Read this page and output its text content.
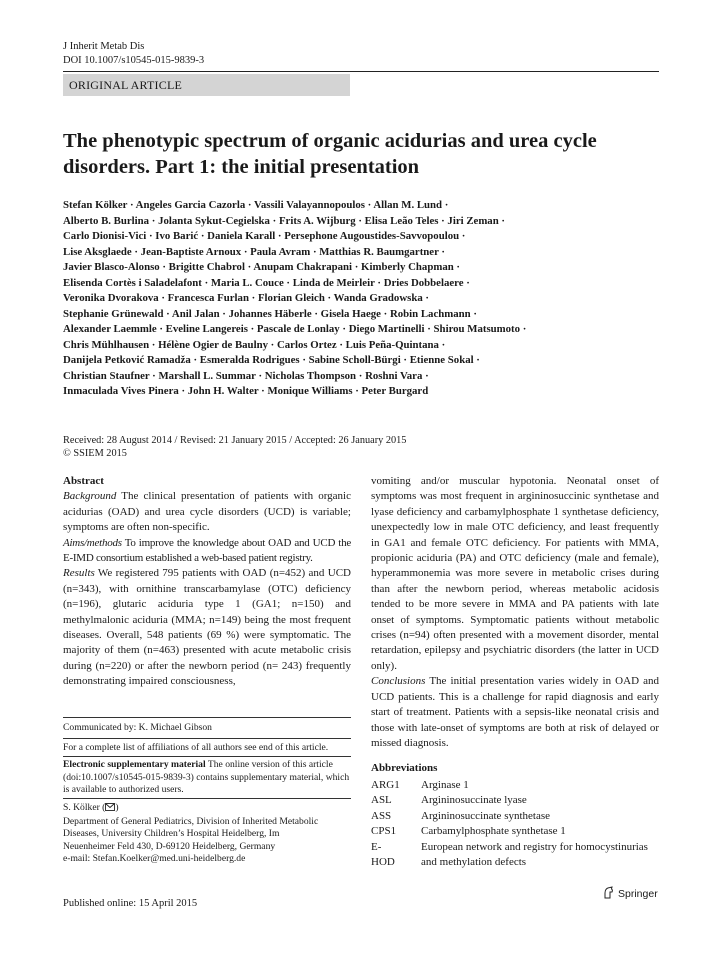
J Inherit Metab Dis
DOI 10.1007/s10545-015-9839-3
ORIGINAL ARTICLE
The phenotypic spectrum of organic acidurias and urea cycle
disorders. Part 1: the initial presentation
Stefan Kölker · Angeles Garcia Cazorla · Vassili Valayannopoulos · Allan M. Lund ·
Alberto B. Burlina · Jolanta Sykut-Cegielska · Frits A. Wijburg · Elisa Leão Teles · Jiri Zeman ·
Carlo Dionisi-Vici · Ivo Barić · Daniela Karall · Persephone Augoustides-Savvopoulou ·
Lise Aksglaede · Jean-Baptiste Arnoux · Paula Avram · Matthias R. Baumgartner ·
Javier Blasco-Alonso · Brigitte Chabrol · Anupam Chakrapani · Kimberly Chapman ·
Elisenda Cortès i Saladelafont · Maria L. Couce · Linda de Meirleir · Dries Dobbelaere ·
Veronika Dvorakova · Francesca Furlan · Florian Gleich · Wanda Gradowska ·
Stephanie Grünewald · Anil Jalan · Johannes Häberle · Gisela Haege · Robin Lachmann ·
Alexander Laemmle · Eveline Langereis · Pascale de Lonlay · Diego Martinelli · Shirou Matsumoto ·
Chris Mühlhausen · Hélène Ogier de Baulny · Carlos Ortez · Luis Peña-Quintana ·
Danijela Petković Ramadža · Esmeralda Rodrigues · Sabine Scholl-Bürgi · Etienne Sokal ·
Christian Staufner · Marshall L. Summar · Nicholas Thompson · Roshni Vara ·
Inmaculada Vives Pinera · John H. Walter · Monique Williams · Peter Burgard
Received: 28 August 2014 / Revised: 21 January 2015 / Accepted: 26 January 2015
© SSIEM 2015
Abstract
Background The clinical presentation of patients with organic acidurias (OAD) and urea cycle disorders (UCD) is variable; symptoms are often non-specific.
Aims/methods To improve the knowledge about OAD and UCD the E-IMD consortium established a web-based patient registry.
Results We registered 795 patients with OAD (n=452) and UCD (n=343), with ornithine transcarbamylase (OTC) deficiency (n=196), glutaric aciduria type 1 (GA1; n=150) and methylmalonic aciduria (MMA; n=149) being the most frequent diseases. Overall, 548 patients (69 %) were symptomatic. The majority of them (n=463) presented with acute metabolic crisis during (n=220) or after the newborn period (n= 243) frequently demonstrating impaired consciousness,
Communicated by: K. Michael Gibson
For a complete list of affiliations of all authors see end of this article.
Electronic supplementary material The online version of this article (doi:10.1007/s10545-015-9839-3) contains supplementary material, which is available to authorized users.
S. Kölker ( )
Department of General Pediatrics, Division of Inherited Metabolic
Diseases, University Children’s Hospital Heidelberg, Im
Neuenheimer Feld 430, D-69120 Heidelberg, Germany
e-mail: Stefan.Koelker@med.uni-heidelberg.de
vomiting and/or muscular hypotonia. Neonatal onset of symptoms was most frequent in argininosuccinic synthetase and lyase deficiency and carbamylphosphate 1 synthetase deficiency, unexpectedly low in male OTC deficiency, and least frequently in GA1 and female OTC deficiency. For patients with MMA, propionic aciduria (PA) and OTC deficiency (male and female), hyperammonemia was more severe in metabolic crises during than after the newborn period, whereas metabolic acidosis tended to be more severe in MMA and PA patients with late onset of symptoms. Symptomatic patients without metabolic crises (n=94) often presented with a movement disorder, mental retardation, epilepsy and psychiatric disorders (the latter in UCD only).
Conclusions The initial presentation varies widely in OAD and UCD patients. This is a challenge for rapid diagnosis and early start of treatment. Patients with a sepsis-like neonatal crisis and those with late-onset of symptoms are both at risk of delayed or missed diagnosis.
Abbreviations
ARG1	Arginase 1
ASL	Argininosuccinate lyase
ASS	Argininosuccinate synthetase
CPS1	Carbamylphosphate synthetase 1
E-	European network and registry for homocystinurias
HOD	and methylation defects
Published online: 15 April 2015
Springer
